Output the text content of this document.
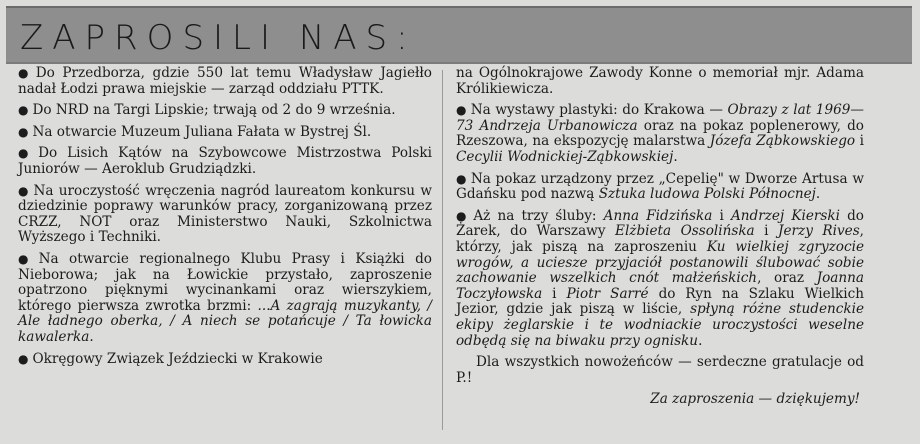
ZAPROSILI NAS:

● Do Przedborza, gdzie 550 lat temu Władysław Jagiełło nadał Łodzi prawa miejskie — zarząd oddziału PTTK.

● Do NRD na Targi Lipskie; trwają od 2 do 9 września.

● Na otwarcie Muzeum Juliana Fałata w Bystrej Śl.

● Do Lisich Kątów na Szybowcowe Mistrzostwa Polski Juniorów — Aeroklub Grudziądzki.

● Na uroczystość wręczenia nagród laureatom konkursu w dziedzinie poprawy warunków pracy, zorganizowaną przez CRZZ, NOT oraz Ministerstwo Nauki, Szkolnictwa Wyższego i Techniki.

● Na otwarcie regionalnego Klubu Prasy i Książki do Nieborowa; jak na Łowickie przystało, zaproszenie opatrzono pięknymi wycinankami oraz wierszykiem, którego pierwsza zwrotka brzmi: ...A zagrają muzykanty, / Ale ładnego oberka, / A niech se potańcuje / Ta łowicka kawalerka.

● Okręgowy Związek Jeździecki w Krakowie

na Ogólnokrajowe Zawody Konne o memoriał mjr. Adama Królikiewicza.

● Na wystawy plastyki: do Krakowa — Obrazy z lat 1969—73 Andrzeja Urbanowicza oraz na pokaz poplenerowy, do Rzeszowa, na ekspozycję malarstwa Józefa Ząbkowskiego i Cecylii Wodnickiej-Ząbkowskiej.

● Na pokaz urządzony przez „Cepelię" w Dworze Artusa w Gdańsku pod nazwą Sztuka ludowa Polski Północnej.

● Aż na trzy śluby: Anna Fidzińska i Andrzej Kierski do Żarek, do Warszawy Elżbieta Ossolińska i Jerzy Rives, którzy, jak piszą na zaproszeniu Ku wielkiej zgryzocie wrogów, a uciesze przyjaciół postanowili ślubować sobie zachowanie wszelkich cnót małżeńskich, oraz Joanna Toczyłowska i Piotr Sarré do Ryn na Szlaku Wielkich Jezior, gdzie jak piszą w liście, spłyną różne studenckie ekipy żeglarskie i te wodniackie uroczystości weselne odbędą się na biwaku przy ognisku.

Dla wszystkich nowożeńców — serdeczne gratulacje od P.!

Za zaproszenia — dziękujemy!
